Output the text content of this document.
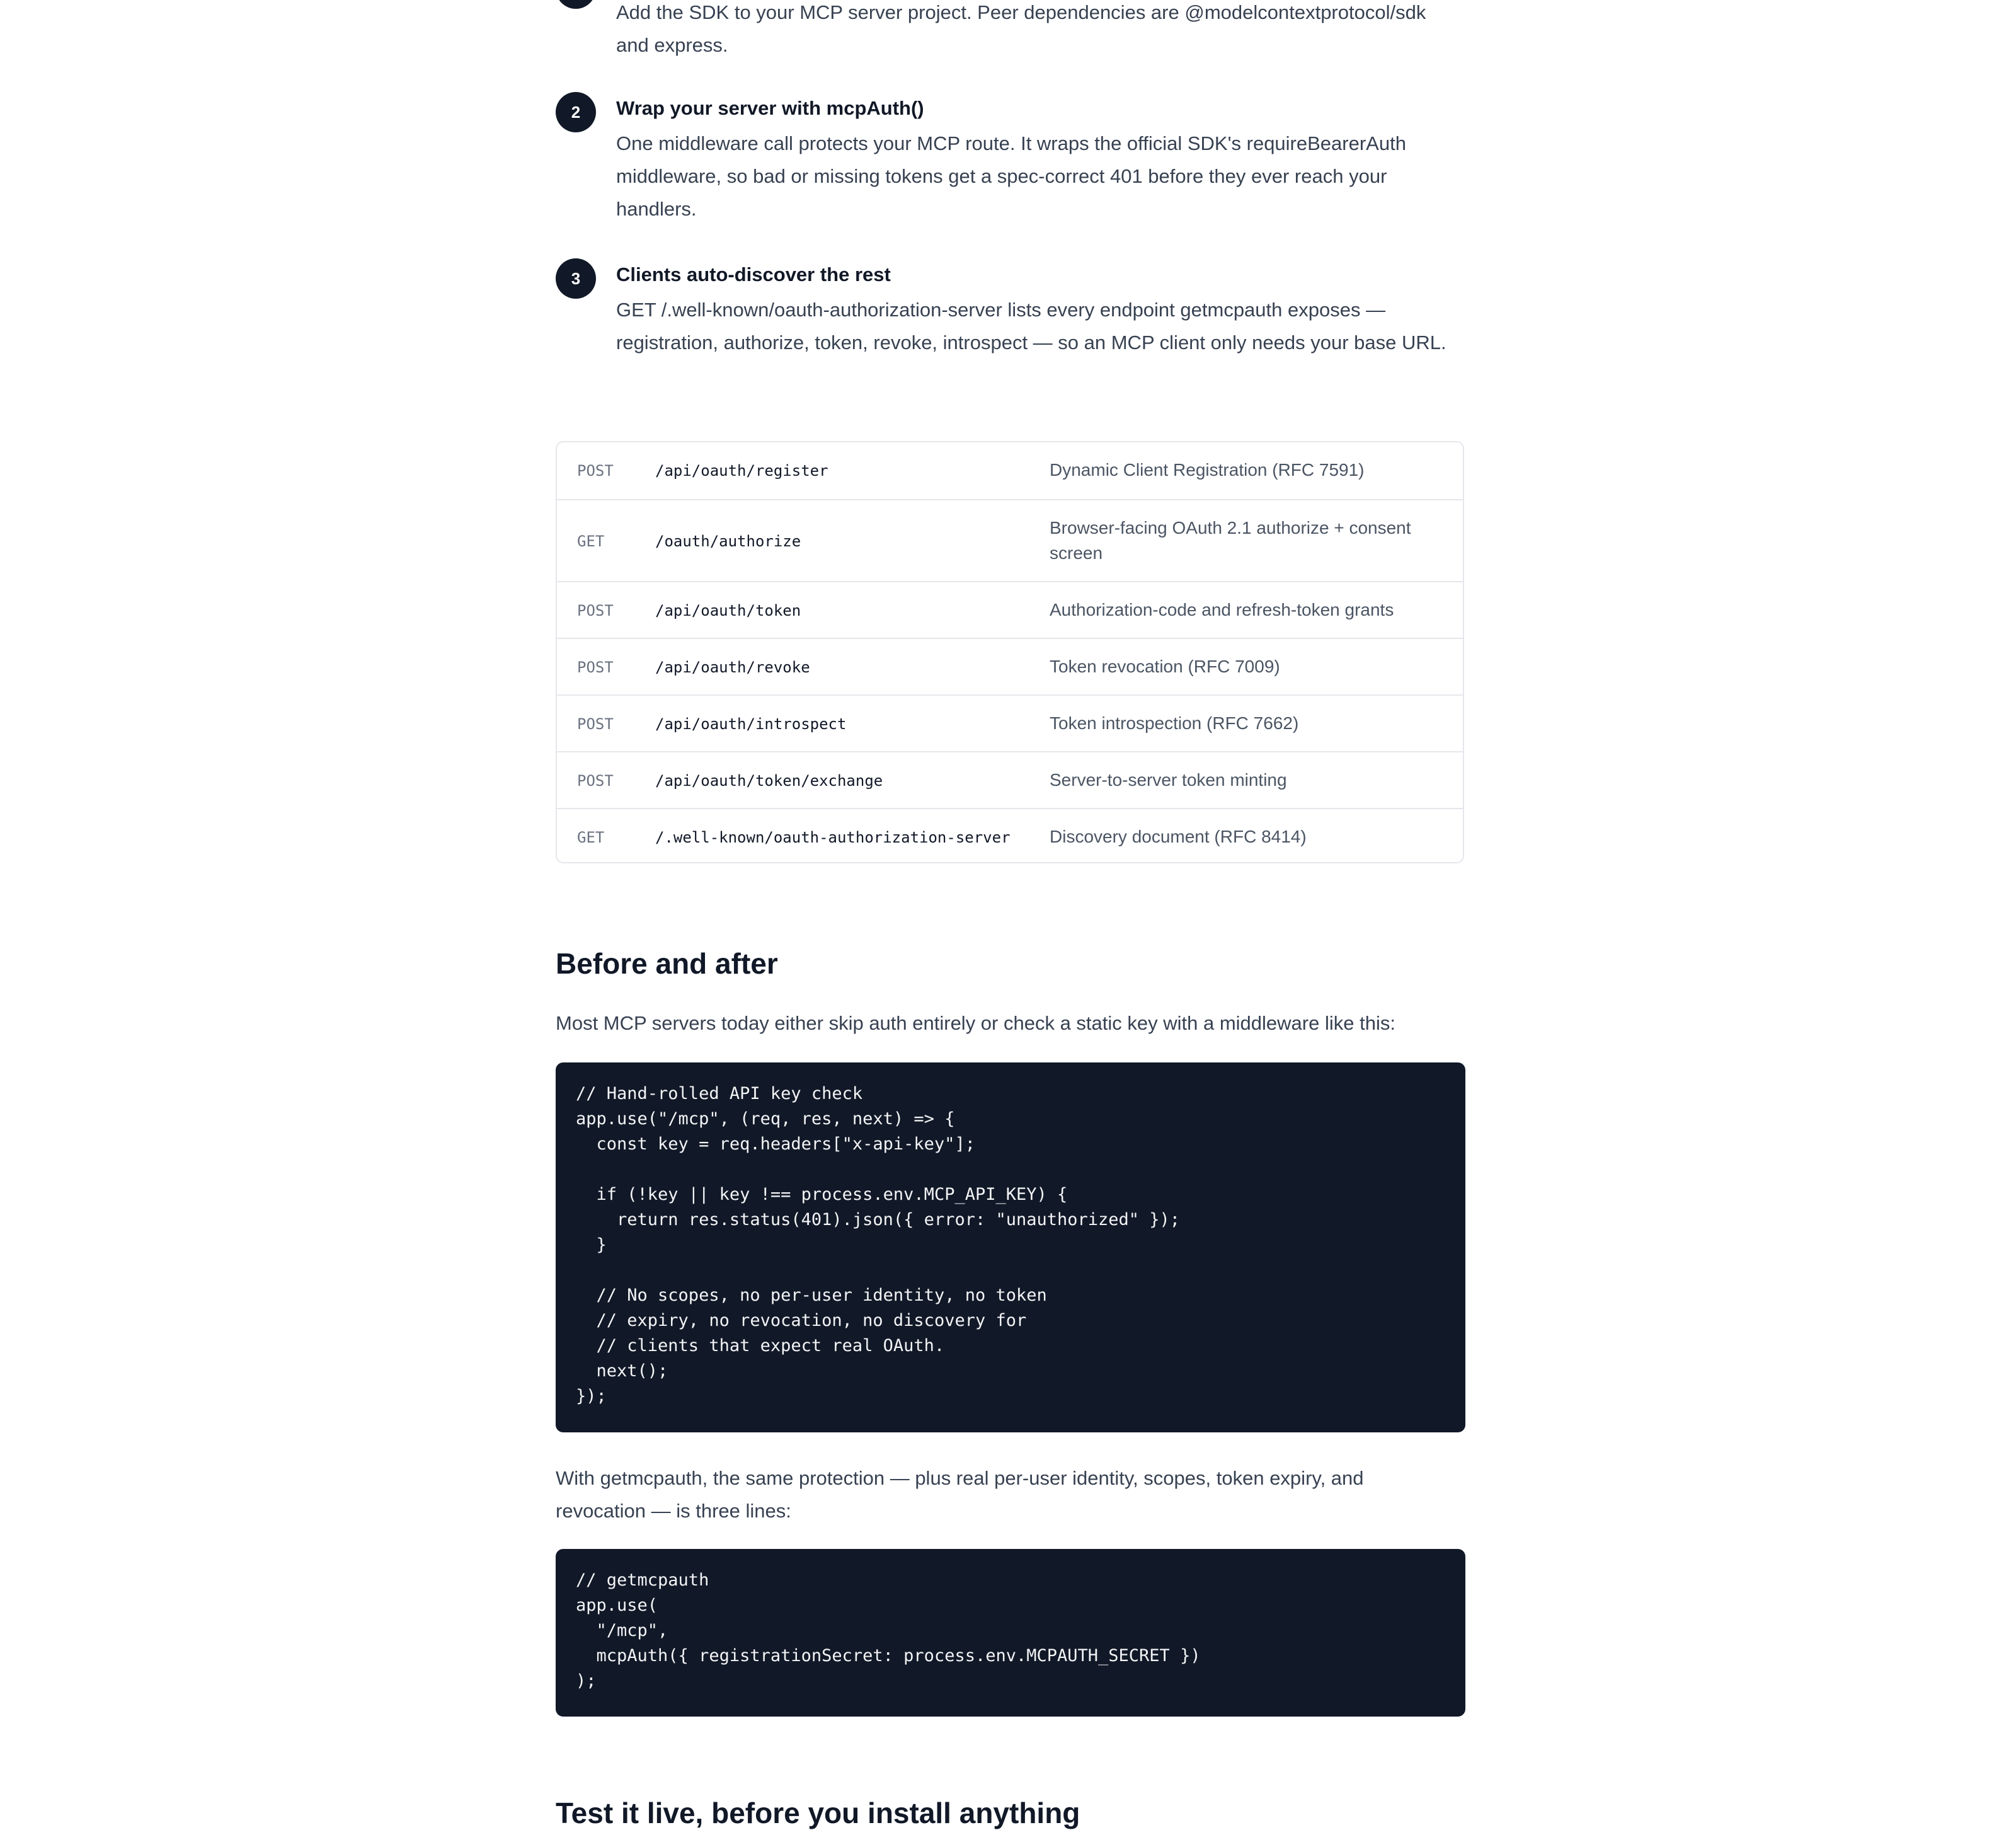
Add the SDK to your MCP server project. Peer dependencies are @modelcontextprotocol/sdk and express.
2	Wrap your server with mcpAuth()
One middleware call protects your MCP route. It wraps the official SDK's requireBearerAuth middleware, so bad or missing tokens get a spec-correct 401 before they ever reach your handlers.
3	Clients auto-discover the rest
GET /.well-known/oauth-authorization-server lists every endpoint getmcpauth exposes — registration, authorize, token, revoke, introspect — so an MCP client only needs your base URL.
POST	/api/oauth/register	Dynamic Client Registration (RFC 7591)
GET	/oauth/authorize
Browser-facing OAuth 2.1 authorize + consent screen
POST	/api/oauth/token	Authorization-code and refresh-token grants
POST	/api/oauth/revoke	Token revocation (RFC 7009)
POST	/api/oauth/introspect	Token introspection (RFC 7662)
POST	/api/oauth/token/exchange	Server-to-server token minting
GET	/.well-known/oauth-authorization-server Discovery document (RFC 8414)
Before and after
Most MCP servers today either skip auth entirely or check a static key with a middleware like this:
// Hand-rolled API key check
app.use("/mcp", (req, res, next) => {
const key = req.headers["x-api-key"];
if (!key || key !== process.env.MCP_API_KEY) {
return res.status(401).json({ error: "unauthorized" });
}
// No scopes, no per-user identity, no token
// expiry, no revocation, no discovery for
// clients that expect real OAuth.
next();
});
With getmcpauth, the same protection — plus real per-user identity, scopes, token expiry, and revocation — is three lines:
// getmcpauth
app.use(
"/mcp",
mcpAuth({ registrationSecret: process.env.MCPAUTH_SECRET })
);
Test it live, before you install anything
